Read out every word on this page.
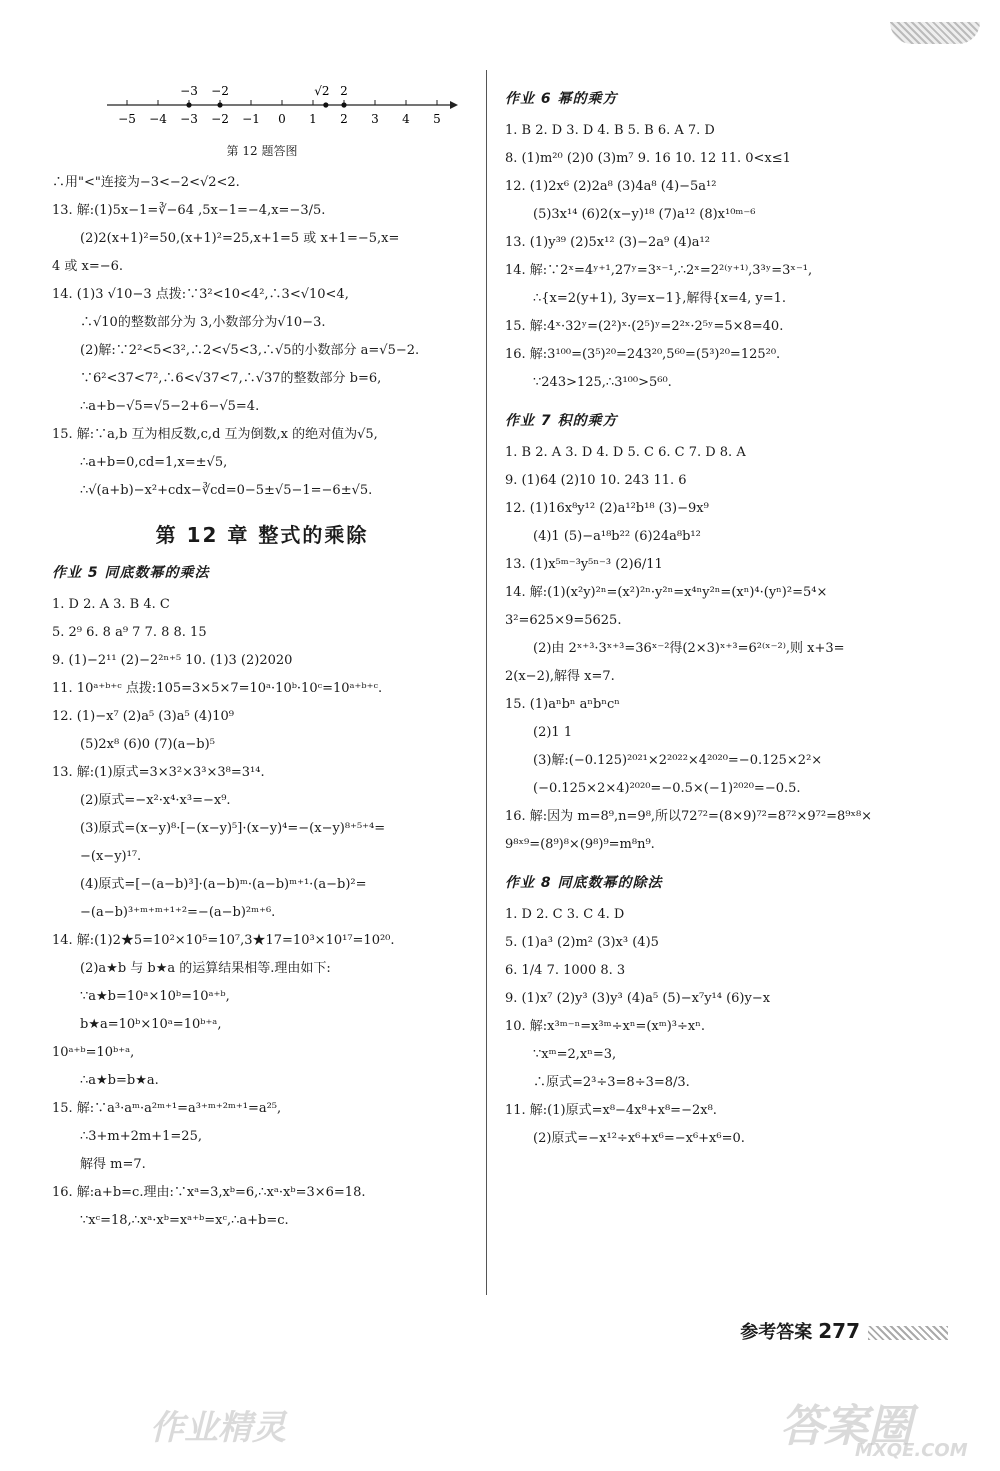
−5 −4 −3 −2 −1 0 1 2 3 4 5
−3 −2	√2 2
第 12 题答图
∴用"<"连接为−3<−2<√2<2.
13. 解:(1)5x−1=∛−64 ,5x−1=−4,x=−3/5.
(2)2(x+1)²=50,(x+1)²=25,x+1=5 或 x+1=−5,x=
4 或 x=−6.
14. (1)3 √10−3 点拨:∵3²<10<4²,∴3<√10<4,
∴√10的整数部分为 3,小数部分为√10−3.
(2)解:∵2²<5<3²,∴2<√5<3,∴√5的小数部分 a=√5−2.
∵6²<37<7²,∴6<√37<7,∴√37的整数部分 b=6,
∴a+b−√5=√5−2+6−√5=4.
15. 解:∵a,b 互为相反数,c,d 互为倒数,x 的绝对值为√5,
∴a+b=0,cd=1,x=±√5,
∴√(a+b)−x²+cdx−∛cd=0−5±√5−1=−6±√5.
第 12 章 整式的乘除
作业 5 同底数幂的乘法
1. D 2. A 3. B 4. C
5. 2⁹ 6. 8 a⁹ 7 7. 8 8. 15
9. (1)−2¹¹ (2)−2²ⁿ⁺⁵ 10. (1)3 (2)2020
11. 10ᵃ⁺ᵇ⁺ᶜ 点拨:105=3×5×7=10ᵃ·10ᵇ·10ᶜ=10ᵃ⁺ᵇ⁺ᶜ.
12. (1)−x⁷ (2)a⁵ (3)a⁵ (4)10⁹
(5)2x⁸ (6)0 (7)(a−b)⁵
13. 解:(1)原式=3×3²×3³×3⁸=3¹⁴.
(2)原式=−x²·x⁴·x³=−x⁹.
(3)原式=(x−y)⁸·[−(x−y)⁵]·(x−y)⁴=−(x−y)⁸⁺⁵⁺⁴=
−(x−y)¹⁷.
(4)原式=[−(a−b)³]·(a−b)ᵐ·(a−b)ᵐ⁺¹·(a−b)²=
−(a−b)³⁺ᵐ⁺ᵐ⁺¹⁺²=−(a−b)²ᵐ⁺⁶.
14. 解:(1)2★5=10²×10⁵=10⁷,3★17=10³×10¹⁷=10²⁰.
(2)a★b 与 b★a 的运算结果相等.理由如下:
∵a★b=10ᵃ×10ᵇ=10ᵃ⁺ᵇ,
b★a=10ᵇ×10ᵃ=10ᵇ⁺ᵃ,
10ᵃ⁺ᵇ=10ᵇ⁺ᵃ,
∴a★b=b★a.
15. 解:∵a³·aᵐ·a²ᵐ⁺¹=a³⁺ᵐ⁺²ᵐ⁺¹=a²⁵,
∴3+m+2m+1=25,
解得 m=7.
16. 解:a+b=c.理由:∵xᵃ=3,xᵇ=6,∴xᵃ·xᵇ=3×6=18.
∵xᶜ=18,∴xᵃ·xᵇ=xᵃ⁺ᵇ=xᶜ,∴a+b=c.
作业 6 幂的乘方
1. B 2. D 3. D 4. B 5. B 6. A 7. D
8. (1)m²⁰ (2)0 (3)m⁷ 9. 16 10. 12 11. 0<x≤1
12. (1)2x⁶ (2)2a⁸ (3)4a⁸ (4)−5a¹²
(5)3x¹⁴ (6)2(x−y)¹⁸ (7)a¹² (8)x¹⁰ᵐ⁻⁶
13. (1)y³⁹ (2)5x¹² (3)−2a⁹ (4)a¹²
14. 解:∵2ˣ=4ʸ⁺¹,27ʸ=3ˣ⁻¹,∴2ˣ=2²⁽ʸ⁺¹⁾,3³ʸ=3ˣ⁻¹,
∴{x=2(y+1), 3y=x−1},解得{x=4, y=1.
15. 解:4ˣ·32ʸ=(2²)ˣ·(2⁵)ʸ=2²ˣ·2⁵ʸ=5×8=40.
16. 解:3¹⁰⁰=(3⁵)²⁰=243²⁰,5⁶⁰=(5³)²⁰=125²⁰.
∵243>125,∴3¹⁰⁰>5⁶⁰.
作业 7 积的乘方
1. B 2. A 3. D 4. D 5. C 6. C 7. D 8. A
9. (1)64 (2)10 10. 243 11. 6
12. (1)16x⁸y¹² (2)a¹²b¹⁸ (3)−9x⁹
(4)1 (5)−a¹⁸b²² (6)24a⁸b¹²
13. (1)x⁵ᵐ⁻³y⁵ⁿ⁻³ (2)6/11
14. 解:(1)(x²y)²ⁿ=(x²)²ⁿ·y²ⁿ=x⁴ⁿy²ⁿ=(xⁿ)⁴·(yⁿ)²=5⁴×
3²=625×9=5625.
(2)由 2ˣ⁺³·3ˣ⁺³=36ˣ⁻²得(2×3)ˣ⁺³=6²⁽ˣ⁻²⁾,则 x+3=
2(x−2),解得 x=7.
15. (1)aⁿbⁿ aⁿbⁿcⁿ
(2)1 1
(3)解:(−0.125)²⁰²¹×2²⁰²²×4²⁰²⁰=−0.125×2²×
(−0.125×2×4)²⁰²⁰=−0.5×(−1)²⁰²⁰=−0.5.
16. 解:因为 m=8⁹,n=9⁸,所以72⁷²=(8×9)⁷²=8⁷²×9⁷²=8⁹ˣ⁸×
9⁸ˣ⁹=(8⁹)⁸×(9⁸)⁹=m⁸n⁹.
作业 8 同底数幂的除法
1. D 2. C 3. C 4. D
5. (1)a³ (2)m² (3)x³ (4)5
6. 1/4 7. 1000 8. 3
9. (1)x⁷ (2)y³ (3)y³ (4)a⁵ (5)−x⁷y¹⁴ (6)y−x
10. 解:x³ᵐ⁻ⁿ=x³ᵐ÷xⁿ=(xᵐ)³÷xⁿ.
∵xᵐ=2,xⁿ=3,
∴原式=2³÷3=8÷3=8/3.
11. 解:(1)原式=x⁸−4x⁸+x⁸=−2x⁸.
(2)原式=−x¹²÷x⁶+x⁶=−x⁶+x⁶=0.
参考答案 277
作业精灵	答案圈
MXQE.COM
